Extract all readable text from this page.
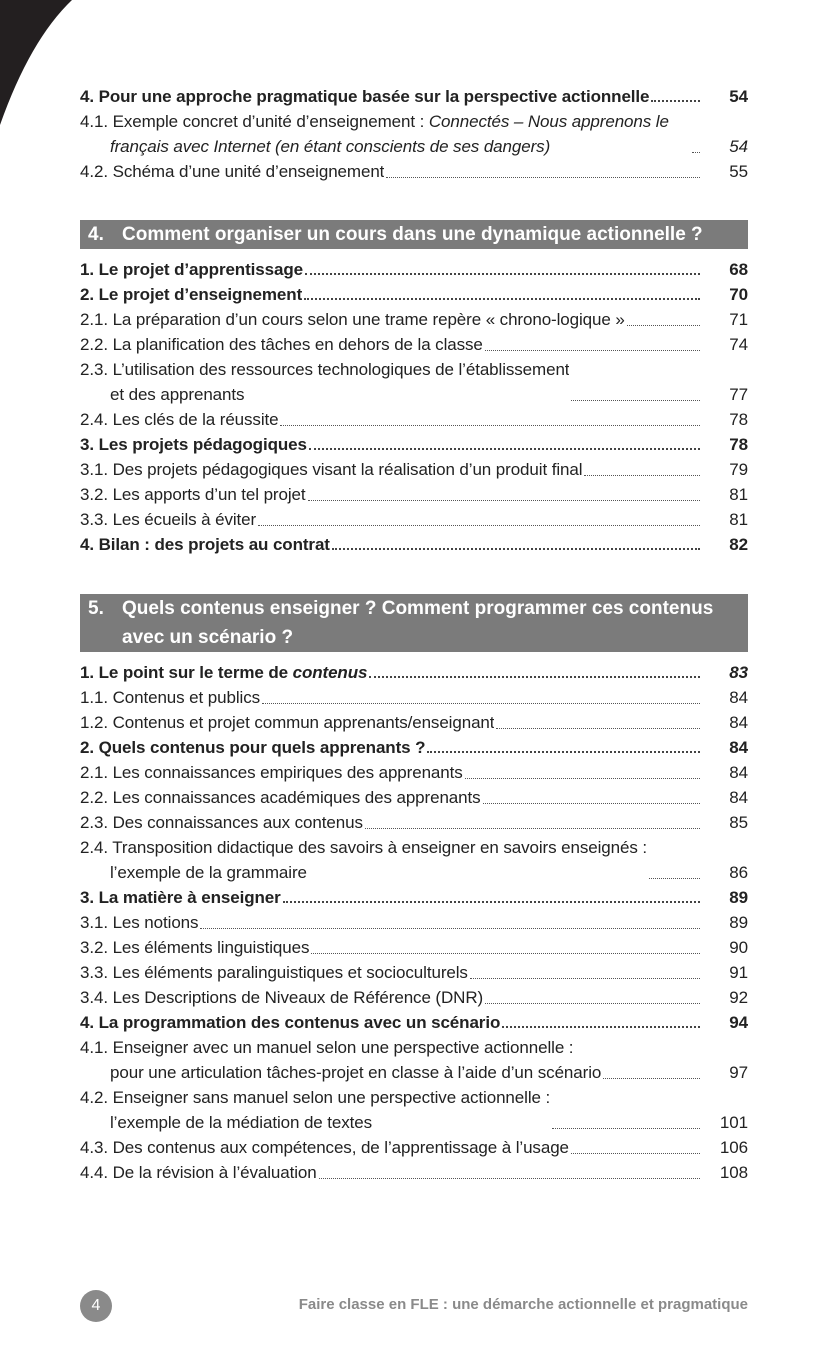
4. Pour une approche pragmatique basée sur la perspective actionnelle	54
4.1. Exemple concret d’unité d’enseignement : Connectés – Nous apprenons le français avec Internet (en étant conscients de ses dangers)	54
4.2. Schéma d’une unité d’enseignement	55
4. Comment organiser un cours dans une dynamique actionnelle ?
1. Le projet d’apprentissage	68
2. Le projet d’enseignement	70
2.1. La préparation d’un cours selon une trame repère « chrono-logique »	71
2.2. La planification des tâches en dehors de la classe	74
2.3. L’utilisation des ressources technologiques de l’établissement
et des apprenants	77
2.4. Les clés de la réussite	78
3. Les projets pédagogiques	78
3.1. Des projets pédagogiques visant la réalisation d’un produit final	79
3.2. Les apports d’un tel projet	81
3.3. Les écueils à éviter	81
4. Bilan : des projets au contrat	82
5. Quels contenus enseigner ? Comment programmer ces contenus avec un scénario ?
1. Le point sur le terme de contenus	83
1.1. Contenus et publics	84
1.2. Contenus et projet commun apprenants/enseignant	84
2. Quels contenus pour quels apprenants ?	84
2.1. Les connaissances empiriques des apprenants	84
2.2. Les connaissances académiques des apprenants	84
2.3. Des connaissances aux contenus	85
2.4. Transposition didactique des savoirs à enseigner en savoirs enseignés :
l’exemple de la grammaire	86
3. La matière à enseigner	89
3.1. Les notions	89
3.2. Les éléments linguistiques	90
3.3. Les éléments paralinguistiques et socioculturels	91
3.4. Les Descriptions de Niveaux de Référence (DNR)	92
4. La programmation des contenus avec un scénario	94
4.1. Enseigner avec un manuel selon une perspective actionnelle :
pour une articulation tâches-projet en classe à l’aide d’un scénario	97
4.2. Enseigner sans manuel selon une perspective actionnelle :
l’exemple de la médiation de textes	101
4.3. Des contenus aux compétences, de l’apprentissage à l’usage	106
4.4. De la révision à l’évaluation	108
4	Faire classe en FLE : une démarche actionnelle et pragmatique
